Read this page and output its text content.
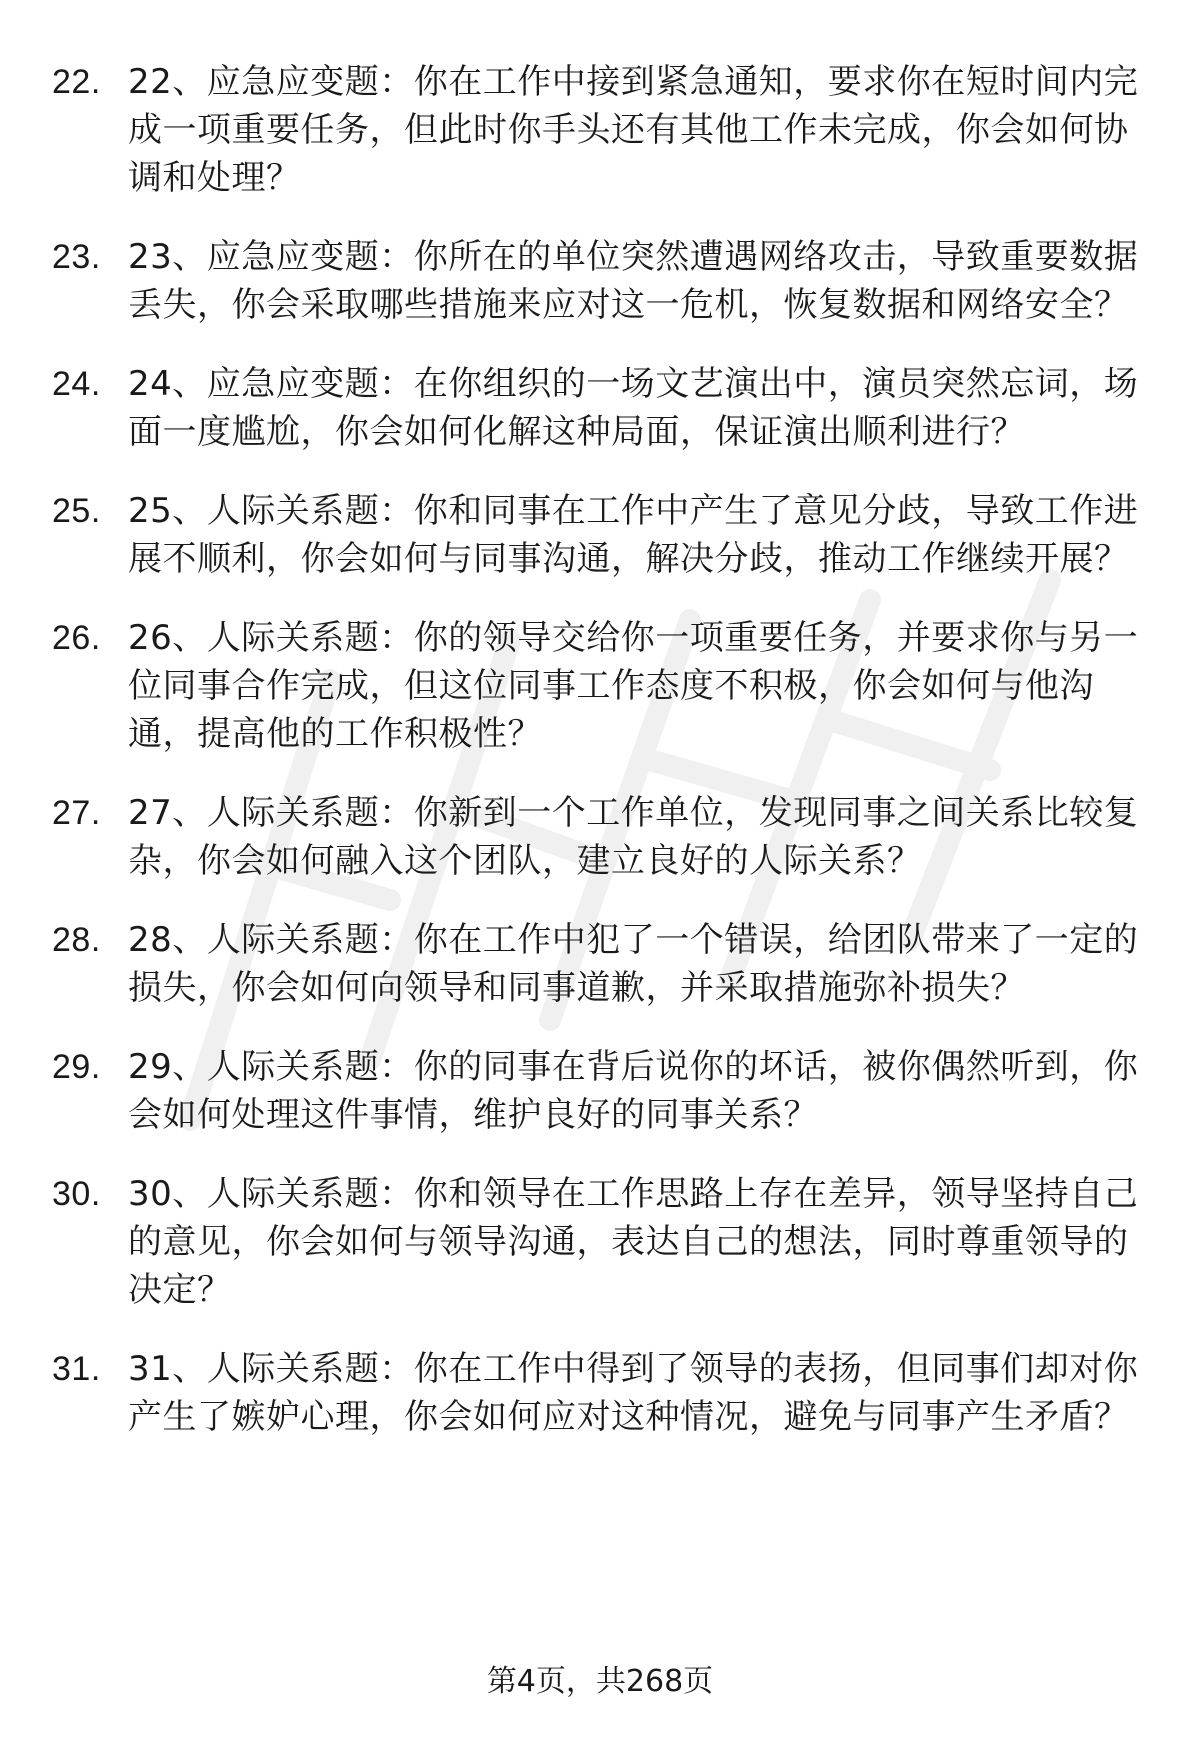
22. 22、应急应变题：你在工作中接到紧急通知，要求你在短时间内完成一项重要任务，但此时你手头还有其他工作未完成，你会如何协调和处理？
23. 23、应急应变题：你所在的单位突然遭遇网络攻击，导致重要数据丢失，你会采取哪些措施来应对这一危机，恢复数据和网络安全？
24. 24、应急应变题：在你组织的一场文艺演出中，演员突然忘词，场面一度尴尬，你会如何化解这种局面，保证演出顺利进行？
25. 25、人际关系题：你和同事在工作中产生了意见分歧，导致工作进展不顺利，你会如何与同事沟通，解决分歧，推动工作继续开展？
26. 26、人际关系题：你的领导交给你一项重要任务，并要求你与另一位同事合作完成，但这位同事工作态度不积极，你会如何与他沟通，提高他的工作积极性？
27. 27、人际关系题：你新到一个工作单位，发现同事之间关系比较复杂，你会如何融入这个团队，建立良好的人际关系？
28. 28、人际关系题：你在工作中犯了一个错误，给团队带来了一定的损失，你会如何向领导和同事道歉，并采取措施弥补损失？
29. 29、人际关系题：你的同事在背后说你的坏话，被你偶然听到，你会如何处理这件事情，维护良好的同事关系？
30. 30、人际关系题：你和领导在工作思路上存在差异，领导坚持自己的意见，你会如何与领导沟通，表达自己的想法，同时尊重领导的决定？
31. 31、人际关系题：你在工作中得到了领导的表扬，但同事们却对你产生了嫉妒心理，你会如何应对这种情况，避免与同事产生矛盾？
第4页，共268页
